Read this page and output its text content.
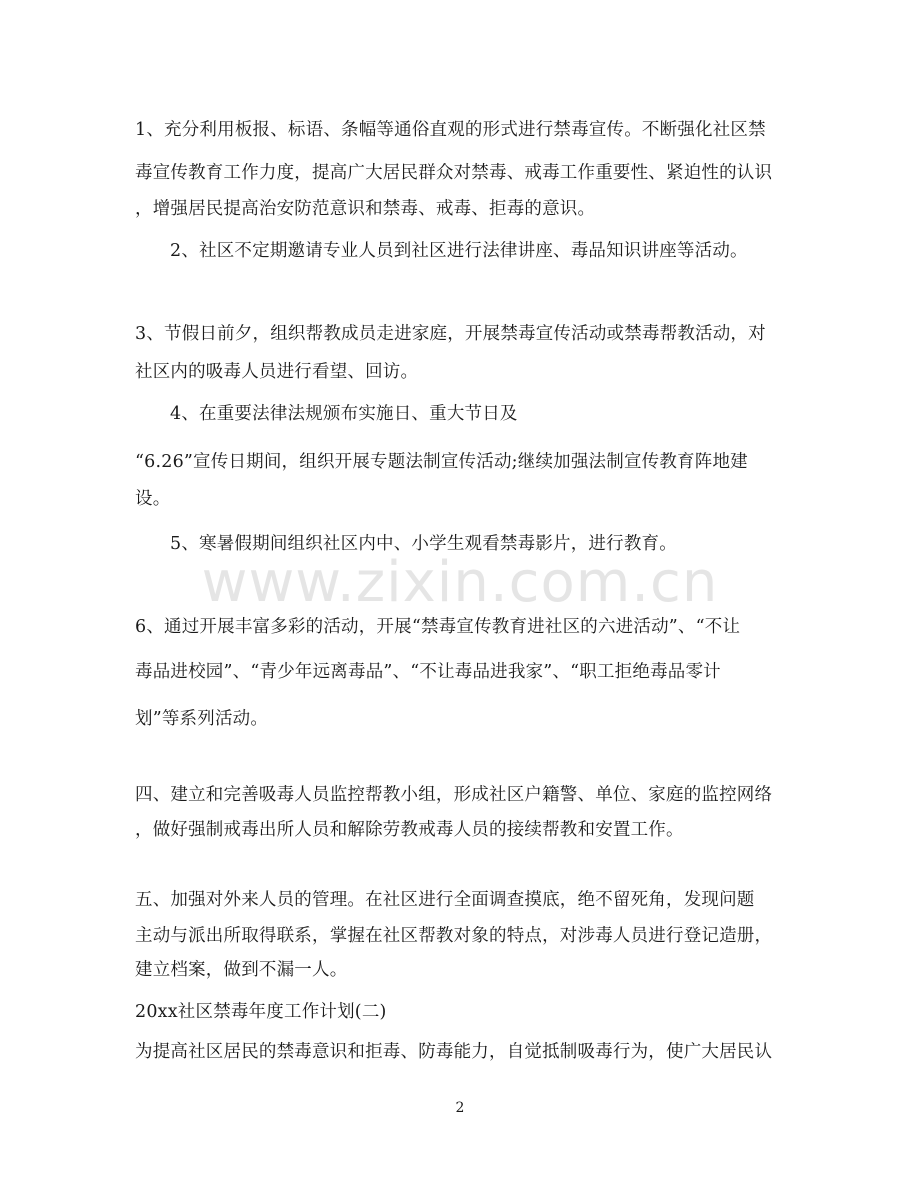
www.zixin.com.cn
1、充分利用板报、标语、条幅等通俗直观的形式进行禁毒宣传。不断强化社区禁
毒宣传教育工作力度，提高广大居民群众对禁毒、戒毒工作重要性、紧迫性的认识
，增强居民提高治安防范意识和禁毒、戒毒、拒毒的意识。
2、社区不定期邀请专业人员到社区进行法律讲座、毒品知识讲座等活动。
3、节假日前夕，组织帮教成员走进家庭，开展禁毒宣传活动或禁毒帮教活动，对
社区内的吸毒人员进行看望、回访。
4、在重要法律法规颁布实施日、重大节日及
“6.26”宣传日期间，组织开展专题法制宣传活动;继续加强法制宣传教育阵地建
设。
5、寒暑假期间组织社区内中、小学生观看禁毒影片，进行教育。
6、通过开展丰富多彩的活动，开展“禁毒宣传教育进社区的六进活动”、“不让
毒品进校园”、“青少年远离毒品”、“不让毒品进我家”、“职工拒绝毒品零计
划”等系列活动。
四、建立和完善吸毒人员监控帮教小组，形成社区户籍警、单位、家庭的监控网络
，做好强制戒毒出所人员和解除劳教戒毒人员的接续帮教和安置工作。
五、加强对外来人员的管理。在社区进行全面调查摸底，绝不留死角，发现问题
主动与派出所取得联系，掌握在社区帮教对象的特点，对涉毒人员进行登记造册，
建立档案，做到不漏一人。
20xx社区禁毒年度工作计划(二)
为提高社区居民的禁毒意识和拒毒、防毒能力，自觉抵制吸毒行为，使广大居民认
2
